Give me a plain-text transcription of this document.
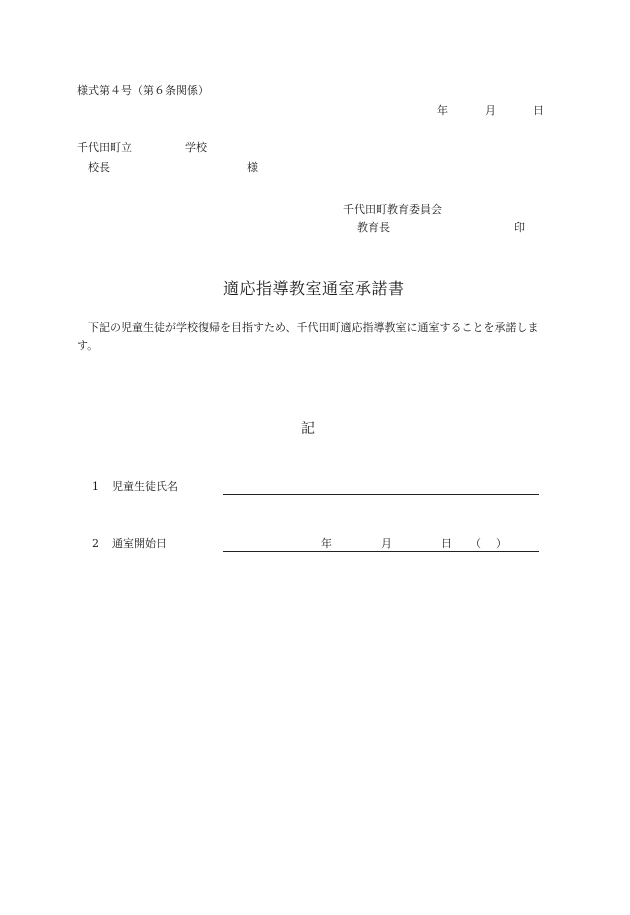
様式第４号（第６条関係）
年	月	日
千代田町立	学校
校長	様
千代田町教育委員会
教育長	印
適応指導教室通室承諾書
下記の児童生徒が学校復帰を目指すため、千代田町適応指導教室に通室することを承諾します。
記
1 児童生徒氏名
2 通室開始日	年	月	日 （ ）
